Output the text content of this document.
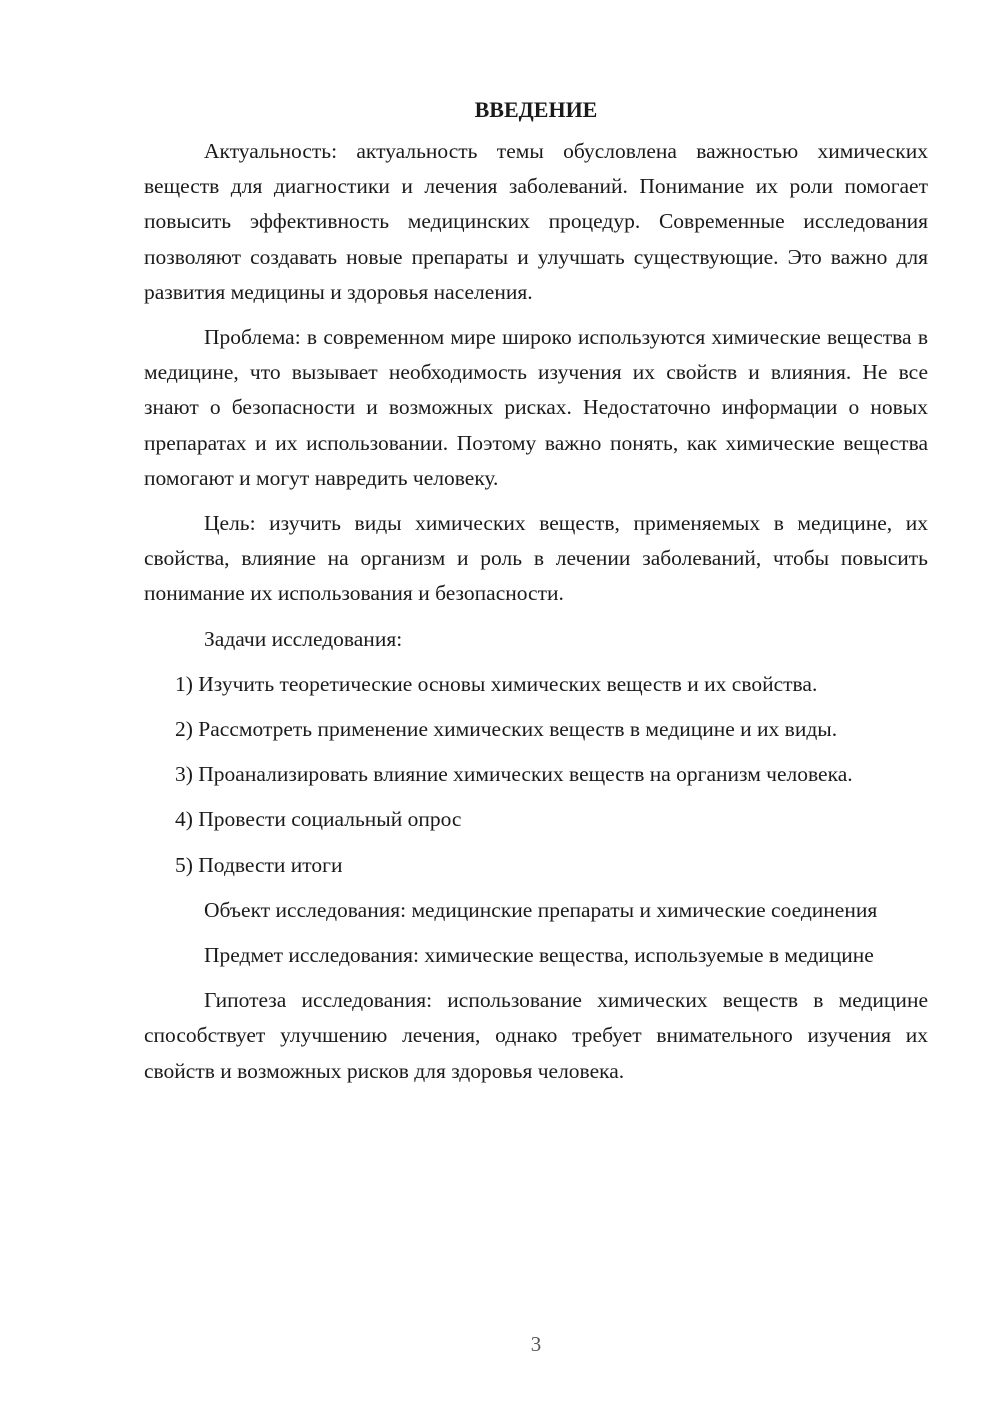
ВВЕДЕНИЕ

Актуальность: актуальность темы обусловлена важностью химических веществ для диагностики и лечения заболеваний. Понимание их роли помогает повысить эффективность медицинских процедур. Современные исследования позволяют создавать новые препараты и улучшать существующие. Это важно для развития медицины и здоровья населения.

Проблема: в современном мире широко используются химические вещества в медицине, что вызывает необходимость изучения их свойств и влияния. Не все знают о безопасности и возможных рисках. Недостаточно информации о новых препаратах и их использовании. Поэтому важно понять, как химические вещества помогают и могут навредить человеку.

Цель: изучить виды химических веществ, применяемых в медицине, их свойства, влияние на организм и роль в лечении заболеваний, чтобы повысить понимание их использования и безопасности.

Задачи исследования:

1) Изучить теоретические основы химических веществ и их свойства.

2) Рассмотреть применение химических веществ в медицине и их виды.

3) Проанализировать влияние химических веществ на организм человека.

4) Провести социальный опрос

5) Подвести итоги

Объект исследования: медицинские препараты и химические соединения

Предмет исследования: химические вещества, используемые в медицине

Гипотеза исследования: использование химических веществ в медицине способствует улучшению лечения, однако требует внимательного изучения их свойств и возможных рисков для здоровья человека.

3
